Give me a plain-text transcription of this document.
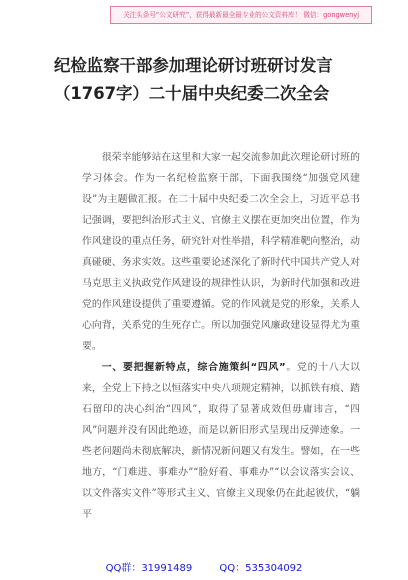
关注头条号“公文研究”，获得最新最全最专业的公文资料库！ 微信：gongwenyj
纪检监察干部参加理论研讨班研讨发言
（1767字）二十届中央纪委二次全会

很荣幸能够站在这里和大家一起交流参加此次理论研讨班的学习体会。作为一名纪检监察干部，下面我围绕“加强党风建设”为主题做汇报。在二十届中央纪委二次全会上，习近平总书记强调，要把纠治形式主义、官僚主义摆在更加突出位置，作为作风建设的重点任务，研究针对性举措，科学精准靶向整治，动真碰硬、务求实效。这些重要论述深化了新时代中国共产党人对马克思主义执政党作风建设的规律性认识，为新时代加强和改进党的作风建设提供了重要遵循。党的作风就是党的形象，关系人心向背，关系党的生死存亡。所以加强党风廉政建设显得尤为重要。

一、要把握新特点，综合施策纠“四风”。党的十八大以来，全党上下持之以恒落实中央八项规定精神，以抓铁有痕、踏石留印的决心纠治“四风”，取得了显著成效但毋庸讳言，“四风”问题并没有因此绝迹，而是以新旧形式呈现出反弹迹象。一些老问题尚未彻底解决，新情况新问题又有发生。譬如，在一些地方，“门难进、事难办”“脸好看、事难办”“以会议落实会议、以文件落实文件”等形式主义、官僚主义现象仍在此起彼伏，“躺平

QQ群：31991489	QQ：535304092
